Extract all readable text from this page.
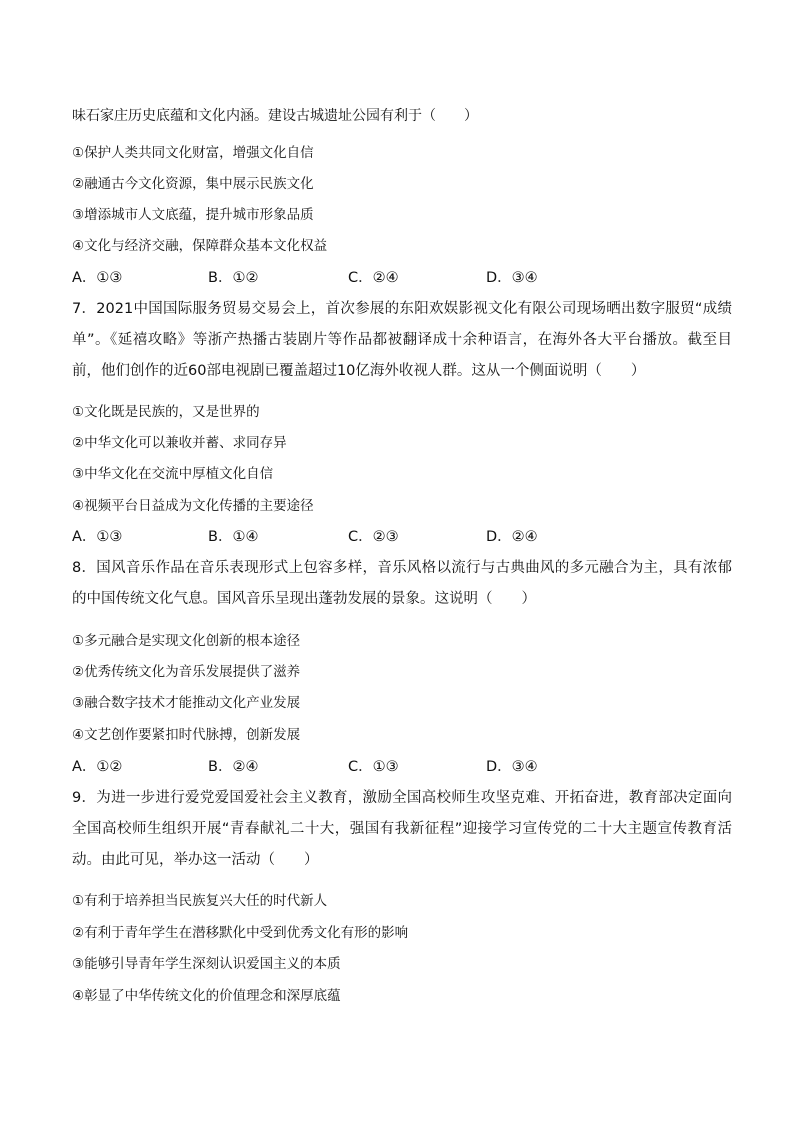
味石家庄历史底蕴和文化内涵。建设古城遗址公园有利于（　　）
①保护人类共同文化财富，增强文化自信
②融通古今文化资源，集中展示民族文化
③增添城市人文底蕴，提升城市形象品质
④文化与经济交融，保障群众基本文化权益
A．①③	B．①②	C．②④	D．③④
7．2021中国国际服务贸易交易会上，首次参展的东阳欢娱影视文化有限公司现场晒出数字服贸“成绩单”。《延禧攻略》等浙产热播古装剧片等作品都被翻译成十余种语言，在海外各大平台播放。截至目前，他们创作的近60部电视剧已覆盖超过10亿海外收视人群。这从一个侧面说明（　　）
①文化既是民族的，又是世界的
②中华文化可以兼收并蓄、求同存异
③中华文化在交流中厚植文化自信
④视频平台日益成为文化传播的主要途径
A．①③	B．①④	C．②③	D．②④
8．国风音乐作品在音乐表现形式上包容多样，音乐风格以流行与古典曲风的多元融合为主，具有浓郁的中国传统文化气息。国风音乐呈现出蓬勃发展的景象。这说明（　　）
①多元融合是实现文化创新的根本途径
②优秀传统文化为音乐发展提供了滋养
③融合数字技术才能推动文化产业发展
④文艺创作要紧扣时代脉搏，创新发展
A．①②	B．②④	C．①③	D．③④
9．为进一步进行爱党爱国爱社会主义教育，激励全国高校师生攻坚克难、开拓奋进，教育部决定面向全国高校师生组织开展“青春献礼二十大，强国有我新征程”迎接学习宣传党的二十大主题宣传教育活动。由此可见，举办这一活动（　　）
①有利于培养担当民族复兴大任的时代新人
②有利于青年学生在潜移默化中受到优秀文化有形的影响
③能够引导青年学生深刻认识爱国主义的本质
④彰显了中华传统文化的价值理念和深厚底蕴
